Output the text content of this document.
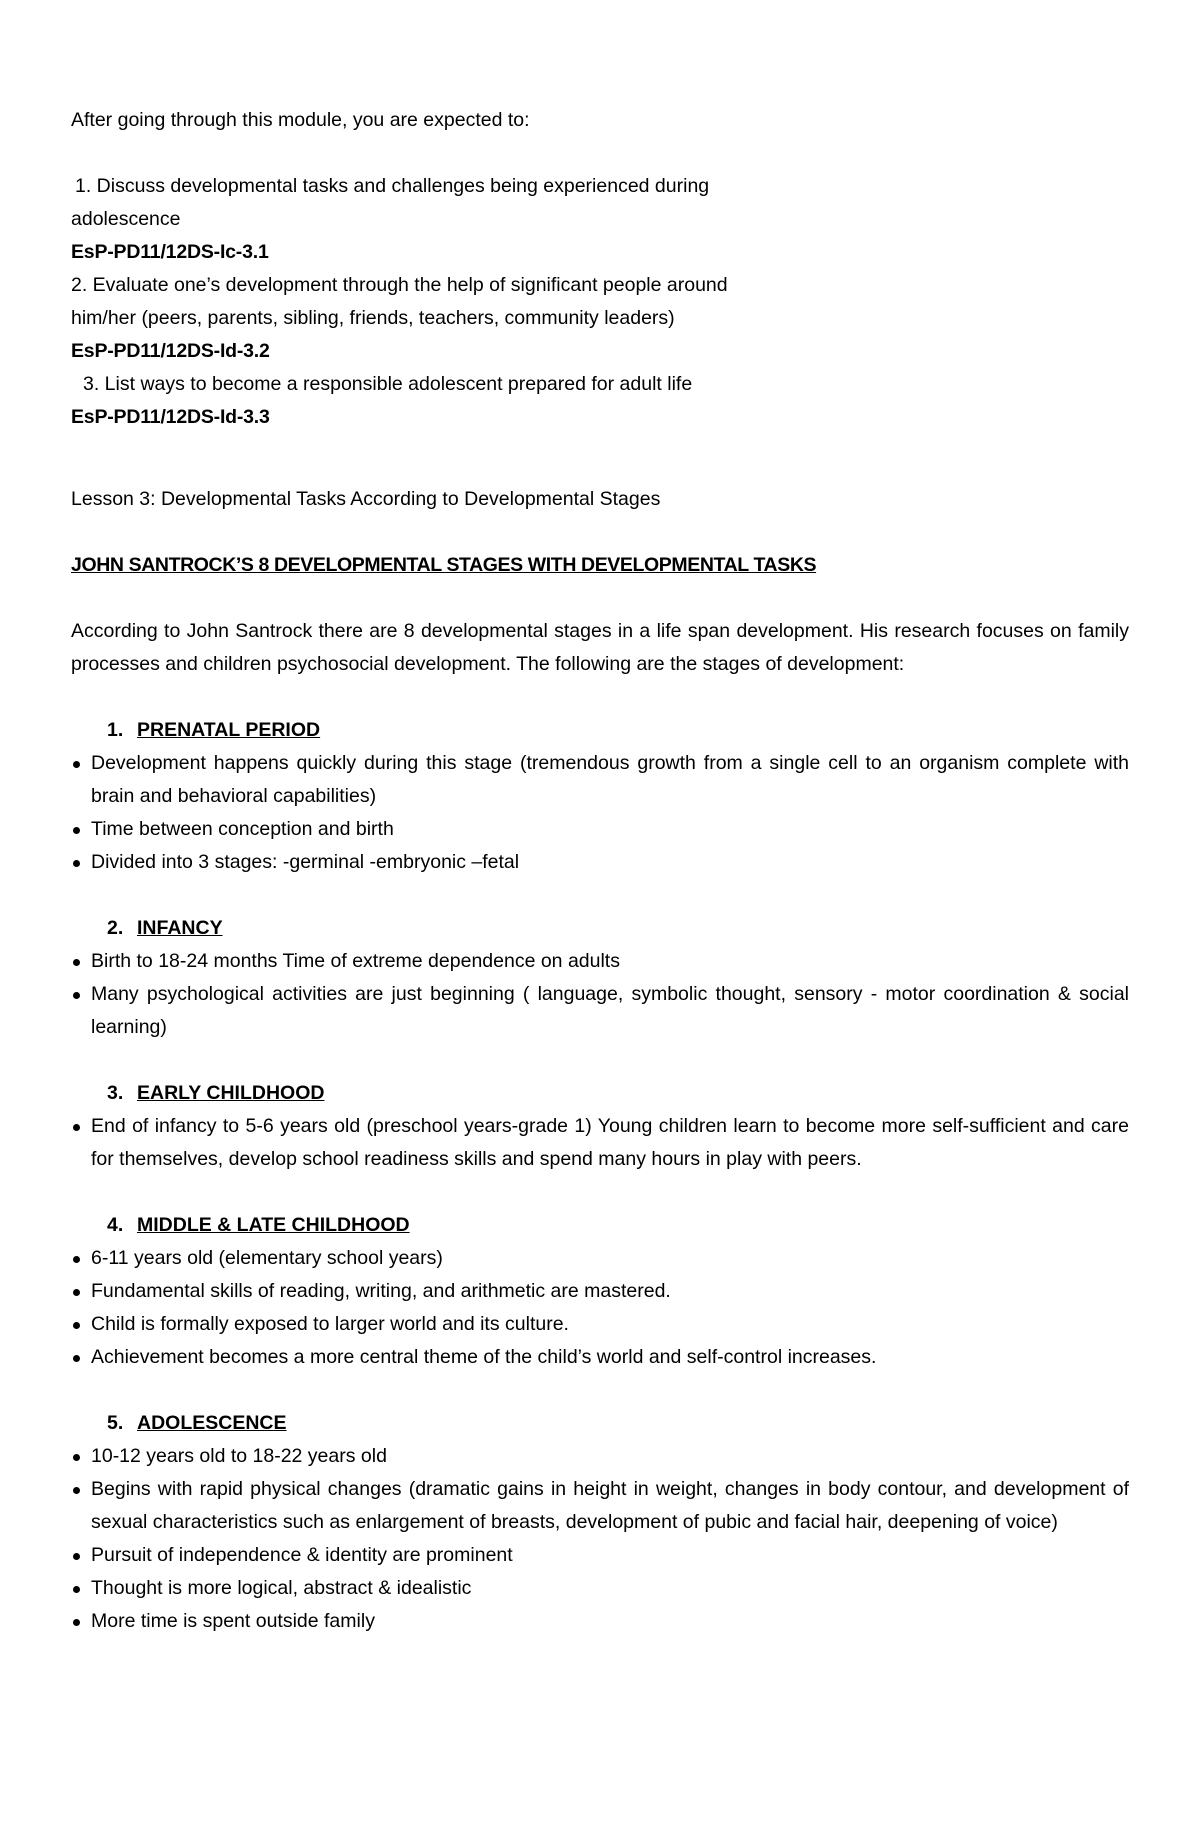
After going through this module, you are expected to:

1. Discuss developmental tasks and challenges being experienced during

adolescence

EsP-PD11/12DS-Ic-3.1

2. Evaluate one’s development through the help of significant people around

him/her (peers, parents, sibling, friends, teachers, community leaders)

EsP-PD11/12DS-Id-3.2

3. List ways to become a responsible adolescent prepared for adult life

EsP-PD11/12DS-Id-3.3

Lesson 3: Developmental Tasks According to Developmental Stages

JOHN SANTROCK’S 8 DEVELOPMENTAL STAGES WITH DEVELOPMENTAL TASKS

According to John Santrock there are 8 developmental stages in a life span development. His research focuses on family processes and children psychosocial development. The following are the stages of development:

1. PRENATAL PERIOD

Development happens quickly during this stage (tremendous growth from a single cell to an organism complete with brain and behavioral capabilities)
Time between conception and birth
Divided into 3 stages: -germinal -embryonic –fetal

2. INFANCY

Birth to 18-24 months Time of extreme dependence on adults
Many psychological activities are just beginning ( language, symbolic thought, sensory - motor coordination & social learning)

3. EARLY CHILDHOOD

End of infancy to 5-6 years old (preschool years-grade 1) Young children learn to become more self-sufficient and care for themselves, develop school readiness skills and spend many hours in play with peers.

4. MIDDLE & LATE CHILDHOOD

6-11 years old (elementary school years)
Fundamental skills of reading, writing, and arithmetic are mastered.
Child is formally exposed to larger world and its culture.
Achievement becomes a more central theme of the child’s world and self-control increases.

5. ADOLESCENCE

10-12 years old to 18-22 years old
Begins with rapid physical changes (dramatic gains in height in weight, changes in body contour, and development of sexual characteristics such as enlargement of breasts, development of pubic and facial hair, deepening of voice)
Pursuit of independence & identity are prominent
Thought is more logical, abstract & idealistic
More time is spent outside family
